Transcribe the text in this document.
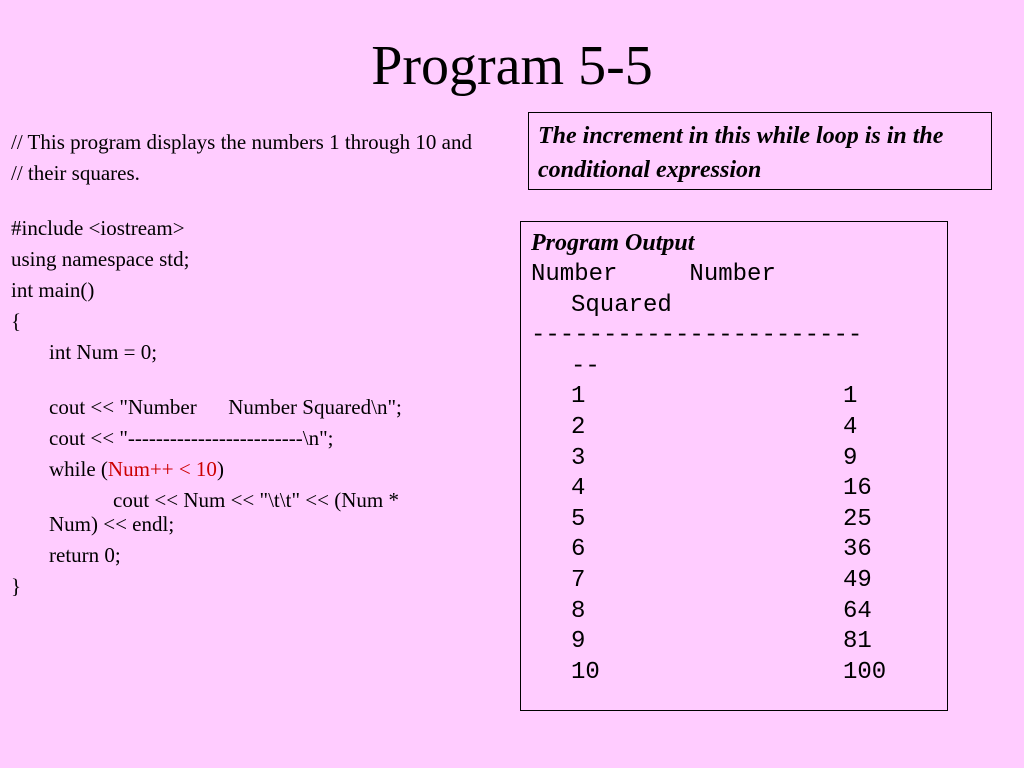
Program 5-5
// This program displays the numbers 1 through 10 and
// their squares.
#include <iostream>
using namespace std;
int main()
{
int Num = 0;
cout << "Number      Number Squared\n";
cout << "-------------------------\n";
while (Num++ < 10)
cout << Num << "\t\t" << (Num *
Num) << endl;
return 0;
}
The increment in this while loop is in the conditional expression
Program Output
Number     Number
Squared
-----------------------
--
1	1
2	4
3	9
4	16
5	25
6	36
7	49
8	64
9	81
10	100
